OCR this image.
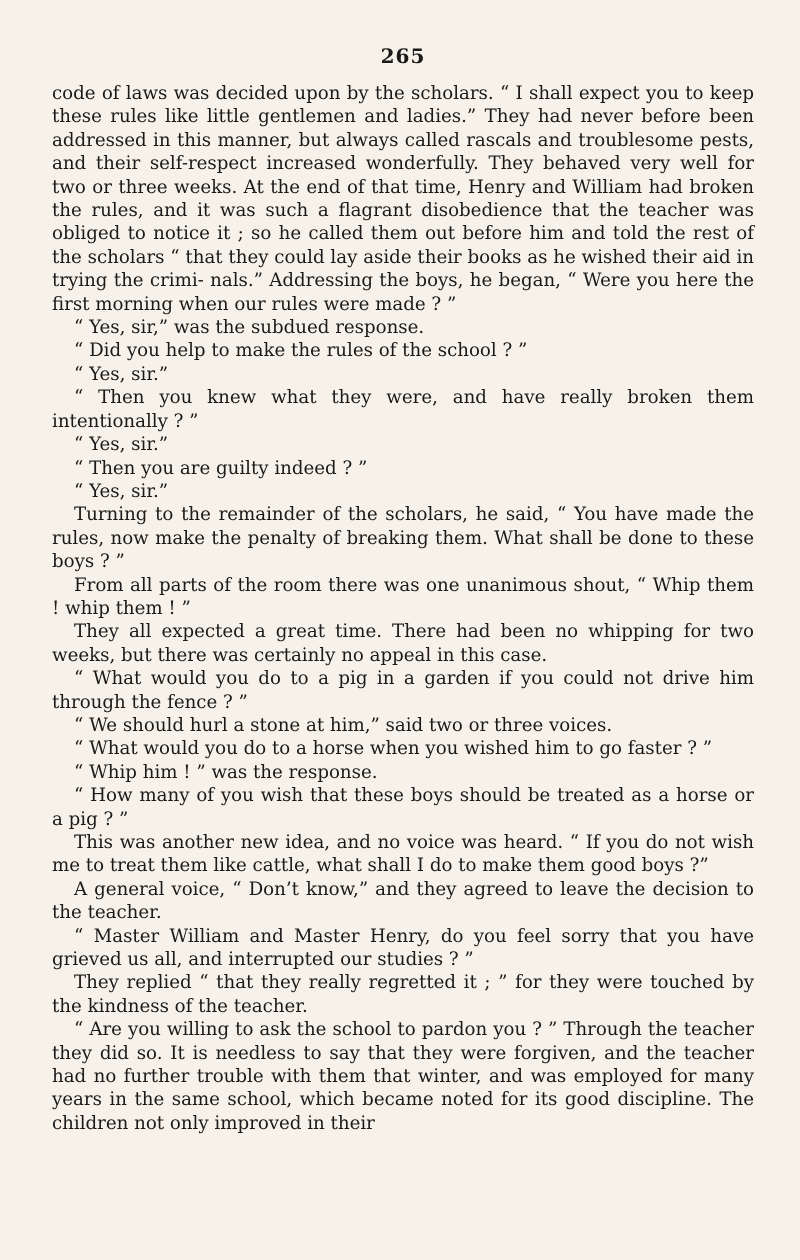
265

code of laws was decided upon by the scholars. “ I shall expect you to keep these rules like little gentlemen and ladies.” They had never before been addressed in this manner, but always called rascals and troublesome pests, and their self-respect increased wonderfully. They behaved very well for two or three weeks. At the end of that time, Henry and William had broken the rules, and it was such a flagrant disobedience that the teacher was obliged to notice it ; so he called them out before him and told the rest of the scholars “ that they could lay aside their books as he wished their aid in trying the crimi- nals.” Addressing the boys, he began, “ Were you here the first morning when our rules were made ? ”

“ Yes, sir,” was the subdued response.

“ Did you help to make the rules of the school ? ”

“ Yes, sir.”

“ Then you knew what they were, and have really broken them intentionally ? ”

“ Yes, sir.”

“ Then you are guilty indeed ? ”

“ Yes, sir.”

Turning to the remainder of the scholars, he said, “ You have made the rules, now make the penalty of breaking them. What shall be done to these boys ? ”

From all parts of the room there was one unanimous shout, “ Whip them ! whip them ! ”

They all expected a great time. There had been no whipping for two weeks, but there was certainly no appeal in this case.

“ What would you do to a pig in a garden if you could not drive him through the fence ? ”

“ We should hurl a stone at him,” said two or three voices.

“ What would you do to a horse when you wished him to go faster ? ”

“ Whip him ! ” was the response.

“ How many of you wish that these boys should be treated as a horse or a pig ? ”

This was another new idea, and no voice was heard. “ If you do not wish me to treat them like cattle, what shall I do to make them good boys ?”

A general voice, “ Don’t know,” and they agreed to leave the decision to the teacher.

“ Master William and Master Henry, do you feel sorry that you have grieved us all, and interrupted our studies ? ”

They replied “ that they really regretted it ; ” for they were touched by the kindness of the teacher.

“ Are you willing to ask the school to pardon you ? ” Through the teacher they did so. It is needless to say that they were forgiven, and the teacher had no further trouble with them that winter, and was employed for many years in the same school, which became noted for its good discipline. The children not only improved in their
